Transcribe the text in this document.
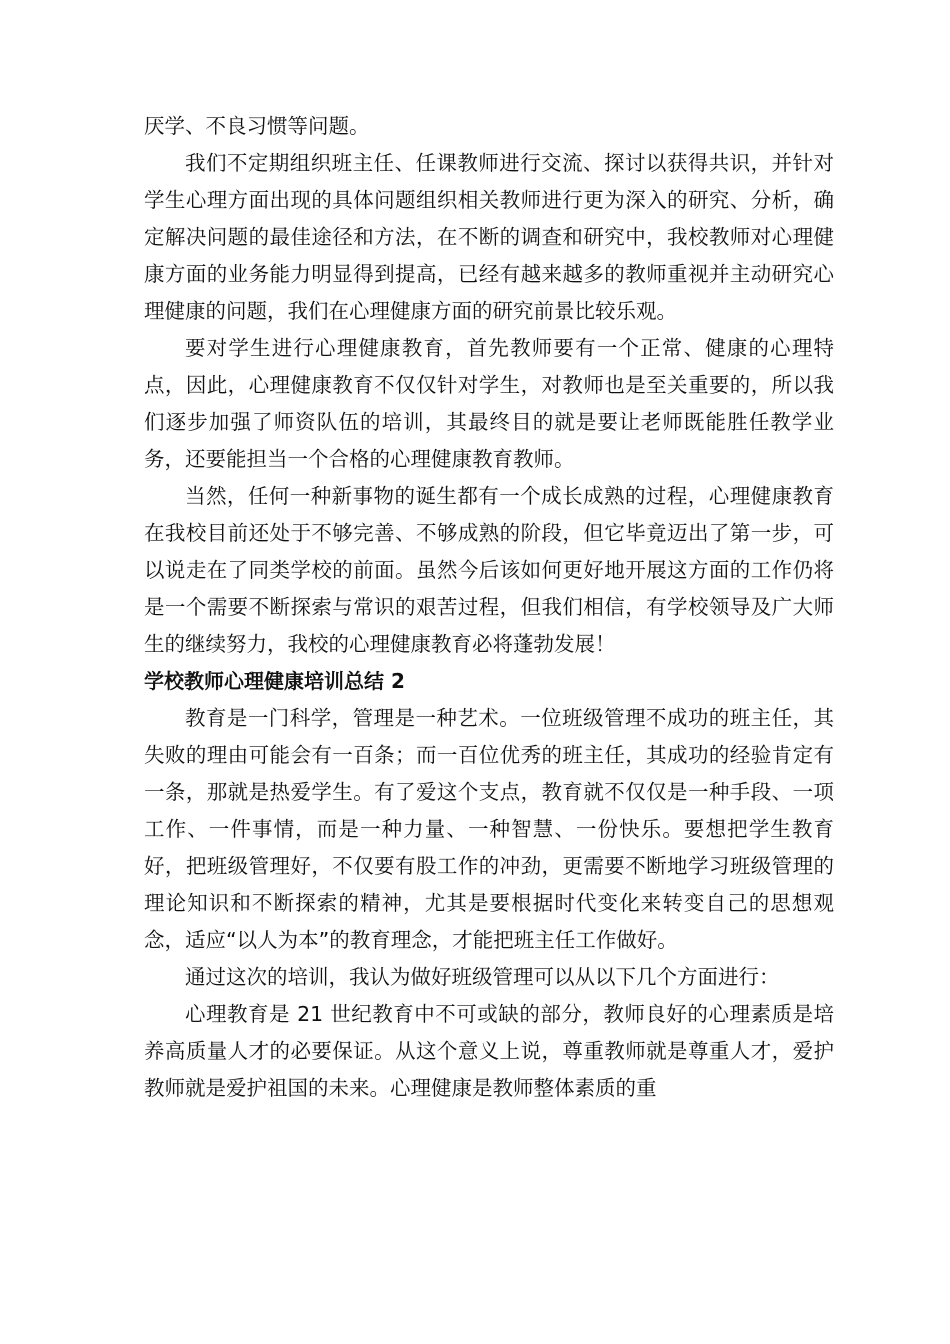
厌学、不良习惯等问题。

我们不定期组织班主任、任课教师进行交流、探讨以获得共识，并针对学生心理方面出现的具体问题组织相关教师进行更为深入的研究、分析，确定解决问题的最佳途径和方法，在不断的调查和研究中，我校教师对心理健康方面的业务能力明显得到提高，已经有越来越多的教师重视并主动研究心理健康的问题，我们在心理健康方面的研究前景比较乐观。

要对学生进行心理健康教育，首先教师要有一个正常、健康的心理特点，因此，心理健康教育不仅仅针对学生，对教师也是至关重要的，所以我们逐步加强了师资队伍的培训，其最终目的就是要让老师既能胜任教学业务，还要能担当一个合格的心理健康教育教师。

当然，任何一种新事物的诞生都有一个成长成熟的过程，心理健康教育在我校目前还处于不够完善、不够成熟的阶段，但它毕竟迈出了第一步，可以说走在了同类学校的前面。虽然今后该如何更好地开展这方面的工作仍将是一个需要不断探索与常识的艰苦过程，但我们相信，有学校领导及广大师生的继续努力，我校的心理健康教育必将蓬勃发展！

学校教师心理健康培训总结 2

教育是一门科学，管理是一种艺术。一位班级管理不成功的班主任，其失败的理由可能会有一百条；而一百位优秀的班主任，其成功的经验肯定有一条，那就是热爱学生。有了爱这个支点，教育就不仅仅是一种手段、一项工作、一件事情，而是一种力量、一种智慧、一份快乐。要想把学生教育好，把班级管理好，不仅要有股工作的冲劲，更需要不断地学习班级管理的理论知识和不断探索的精神，尤其是要根据时代变化来转变自己的思想观念，适应“以人为本”的教育理念，才能把班主任工作做好。

通过这次的培训，我认为做好班级管理可以从以下几个方面进行：

心理教育是 21 世纪教育中不可或缺的部分，教师良好的心理素质是培养高质量人才的必要保证。从这个意义上说，尊重教师就是尊重人才，爱护教师就是爱护祖国的未来。心理健康是教师整体素质的重
